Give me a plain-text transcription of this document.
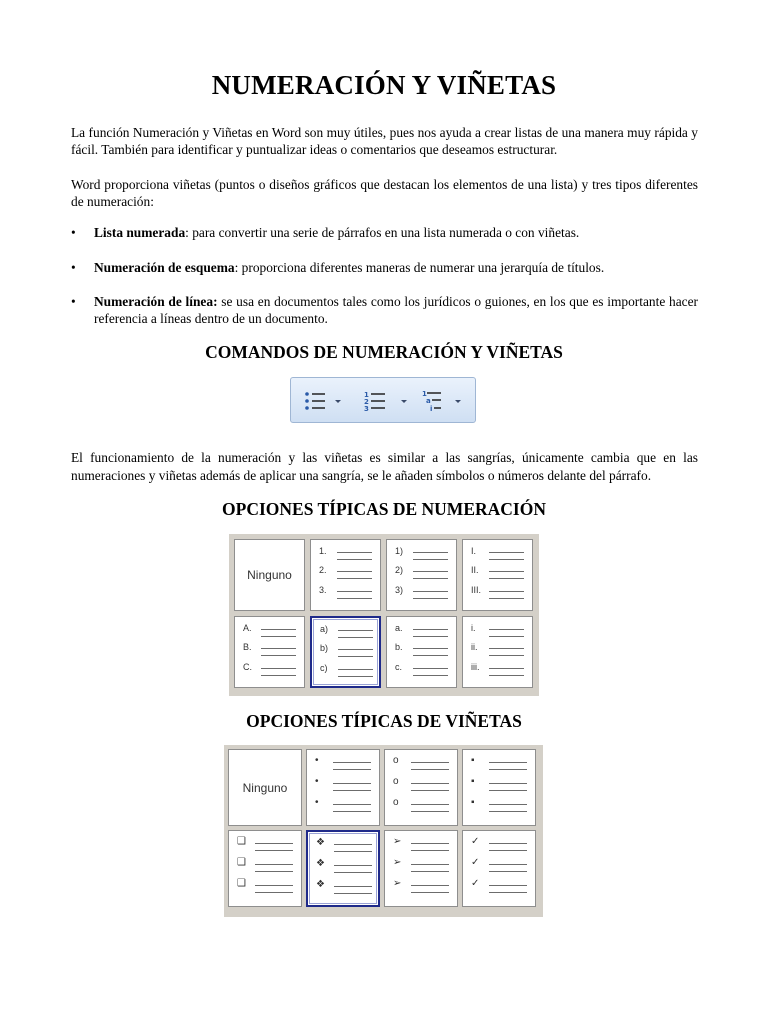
NUMERACIÓN Y VIÑETAS

La función Numeración y Viñetas en Word son muy útiles, pues nos ayuda a crear listas de una manera muy rápida y fácil. También para identificar y puntualizar ideas o comentarios que deseamos estructurar.

Word proporciona viñetas (puntos o diseños gráficos que destacan los elementos de una lista) y tres tipos diferentes de numeración:

• Lista numerada: para convertir una serie de párrafos en una lista numerada o con viñetas.
• Numeración de esquema: proporciona diferentes maneras de numerar una jerarquía de títulos.
• Numeración de línea: se usa en documentos tales como los jurídicos o guiones, en los que es importante hacer referencia a líneas dentro de un documento.
COMANDOS DE NUMERACIÓN Y VIÑETAS
1
2
3
1
a
i

El funcionamiento de la numeración y las viñetas es similar a las sangrías, únicamente cambia que en las numeraciones y viñetas además de aplicar una sangría, se le añaden símbolos o números delante del párrafo.

OPCIONES TÍPICAS DE NUMERACIÓN
Ninguno
1.
2.
3.
1)
2)
3)
I.
II.
III.
A.
B.
C.
a)
b)
c)
a.
b.
c.
i.
ii.
iii.
OPCIONES TÍPICAS DE VIÑETAS
Ninguno
•
•
•
o
o
o
▪
▪
▪
❑
❑
❑
❖
❖
❖
➢
➢
➢
✓
✓
✓
